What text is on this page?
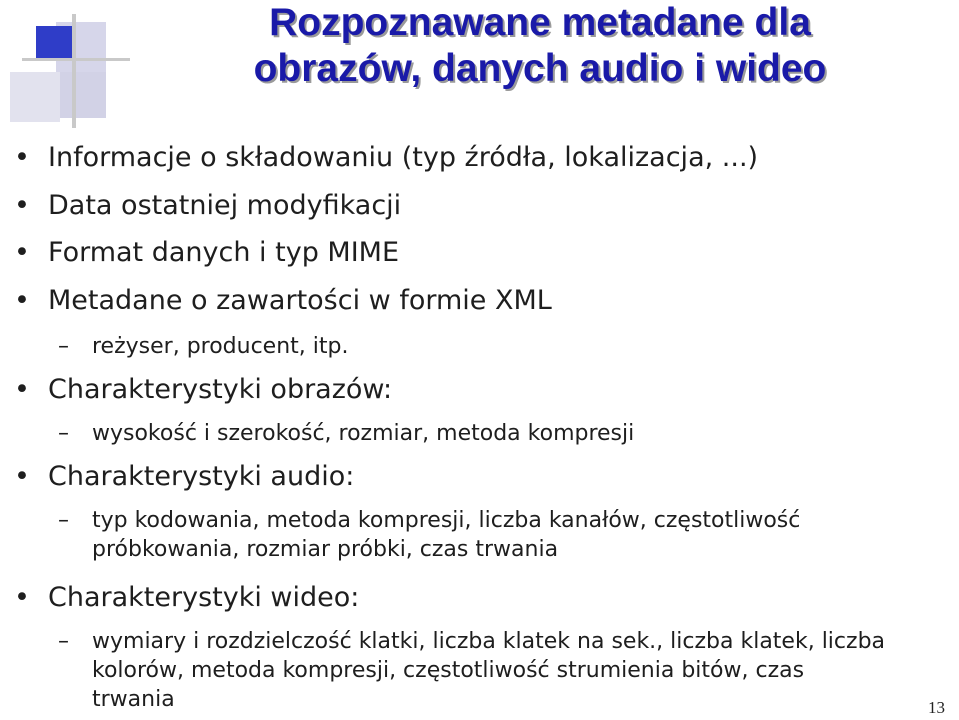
Rozpoznawane metadane dla
obrazów, danych audio i wideo
• Informacje o składowaniu (typ źródła, lokalizacja, ...)
• Data ostatniej modyfikacji
• Format danych i typ MIME
• Metadane o zawartości w formie XML
– reżyser, producent, itp.
• Charakterystyki obrazów:
– wysokość i szerokość, rozmiar, metoda kompresji
• Charakterystyki audio:
– typ kodowania, metoda kompresji, liczba kanałów, częstotliwość
próbkowania, rozmiar próbki, czas trwania
• Charakterystyki wideo:
– wymiary i rozdzielczość klatki, liczba klatek na sek., liczba klatek, liczba
kolorów, metoda kompresji, częstotliwość strumienia bitów, czas
trwania	13
